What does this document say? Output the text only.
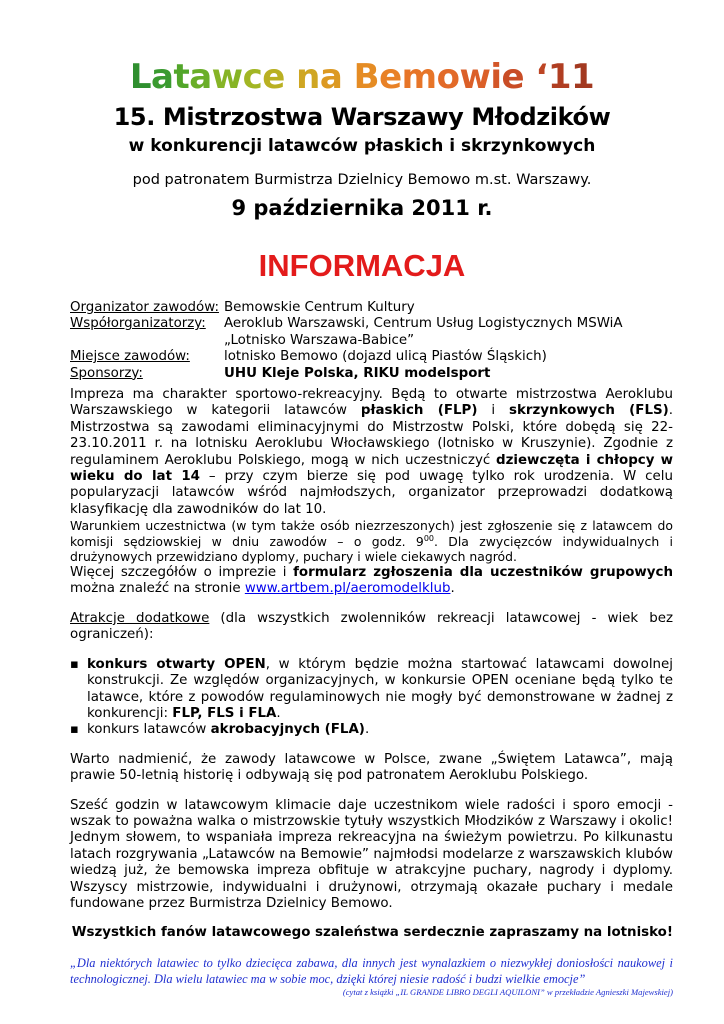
Latawce na Bemowie ‘11
15. Mistrzostwa Warszawy Młodzików
w konkurencji latawców płaskich i skrzynkowych
pod patronatem Burmistrza Dzielnicy Bemowo m.st. Warszawy.
9 października 2011 r.
INFORMACJA
Organizator zawodów:	Bemowskie Centrum Kultury
Współorganizatorzy:	Aeroklub Warszawski, Centrum Usług Logistycznych MSWiA „Lotnisko Warszawa-Babice”
Miejsce zawodów:	lotnisko Bemowo (dojazd ulicą Piastów Śląskich)
Sponsorzy:	UHU Kleje Polska, RIKU modelsport

Impreza ma charakter sportowo-rekreacyjny. Będą to otwarte mistrzostwa Aeroklubu Warszawskiego w kategorii latawców płaskich (FLP) i skrzynkowych (FLS). Mistrzostwa są zawodami eliminacyjnymi do Mistrzostw Polski, które dobędą się 22-23.10.2011 r. na lotnisku Aeroklubu Włocławskiego (lotnisko w Kruszynie). Zgodnie z regulaminem Aeroklubu Polskiego, mogą w nich uczestniczyć dziewczęta i chłopcy w wieku do lat 14 – przy czym bierze się pod uwagę tylko rok urodzenia. W celu popularyzacji latawców wśród najmłodszych, organizator przeprowadzi dodatkową klasyfikację dla zawodników do lat 10.

Warunkiem uczestnictwa (w tym także osób niezrzeszonych) jest zgłoszenie się z latawcem do komisji sędziowskiej w dniu zawodów – o godz. $9^{00}$. Dla zwycięzców indywidualnych i drużynowych przewidziano dyplomy, puchary i wiele ciekawych nagród.

Więcej szczegółów o imprezie i formularz zgłoszenia dla uczestników grupowych można znaleźć na stronie www.artbem.pl/aeromodelklub.

Atrakcje dodatkowe (dla wszystkich zwolenników rekreacji latawcowej - wiek bez ograniczeń):

▪ konkurs otwarty OPEN, w którym będzie można startować latawcami dowolnej konstrukcji. Ze względów organizacyjnych, w konkursie OPEN oceniane będą tylko te latawce, które z powodów regulaminowych nie mogły być demonstrowane w żadnej z konkurencji: FLP, FLS i FLA.
▪ konkurs latawców akrobacyjnych (FLA).

Warto nadmienić, że zawody latawcowe w Polsce, zwane „Świętem Latawca”, mają prawie 50-letnią historię i odbywają się pod patronatem Aeroklubu Polskiego.

Sześć godzin w latawcowym klimacie daje uczestnikom wiele radości i sporo emocji - wszak to poważna walka o mistrzowskie tytuły wszystkich Młodzików z Warszawy i okolic! Jednym słowem, to wspaniała impreza rekreacyjna na świeżym powietrzu. Po kilkunastu latach rozgrywania „Latawców na Bemowie” najmłodsi modelarze z warszawskich klubów wiedzą już, że bemowska impreza obfituje w atrakcyjne puchary, nagrody i dyplomy. Wszyscy mistrzowie, indywidualni i drużynowi, otrzymają okazałe puchary i medale fundowane przez Burmistrza Dzielnicy Bemowo.

Wszystkich fanów latawcowego szaleństwa serdecznie zapraszamy na lotnisko!

„Dla niektórych latawiec to tylko dziecięca zabawa, dla innych jest wynalazkiem o niezwykłej doniosłości naukowej i technologicznej. Dla wielu latawiec ma w sobie moc, dzięki której niesie radość i budzi wielkie emocje”

(cytat z książki „IL GRANDE LIBRO DEGLI AQUILONI” w przekładzie Agnieszki Majewskiej)
